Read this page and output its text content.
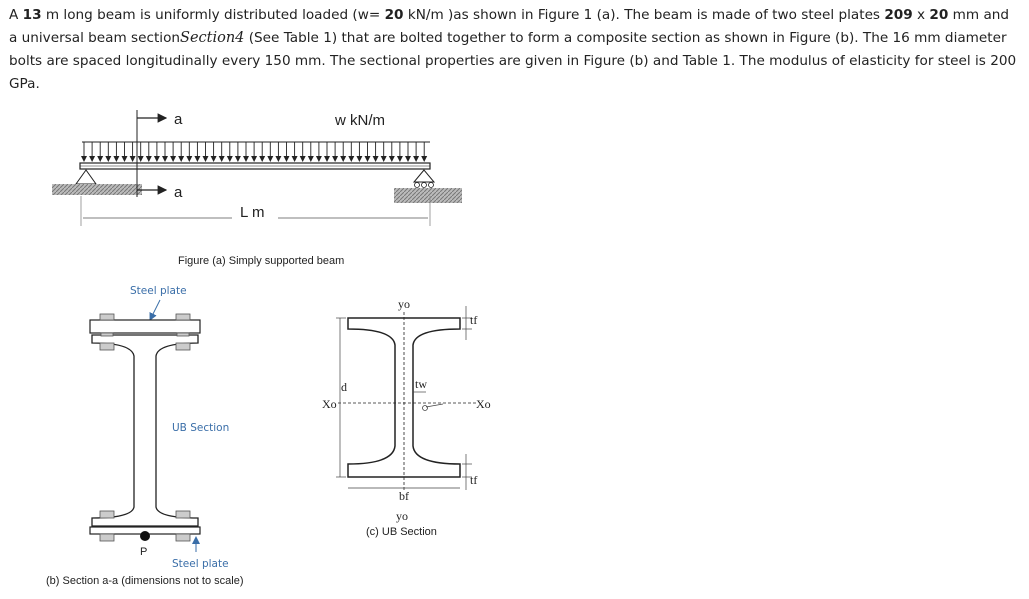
A 13 m long beam is uniformly distributed loaded (w= 20 kN/m )as shown in Figure 1 (a). The beam is made of two steel plates 209 x 20 mm and a universal beam sectionSection4 (See Table 1) that are bolted together to form a composite section as shown in Figure (b). The 16 mm diameter bolts are spaced longitudinally every 150 mm. The sectional properties are given in Figure (b) and Table 1. The modulus of elasticity for steel is 200 GPa.
a
a
w kN/m
L m
Figure (a) Simply supported beam
Steel plate
UB Section
P
Steel plate
(b) Section a-a (dimensions not to scale)
d
tf
tf
tw
bf
yo
yo
Xo	Xo
(c) UB Section
